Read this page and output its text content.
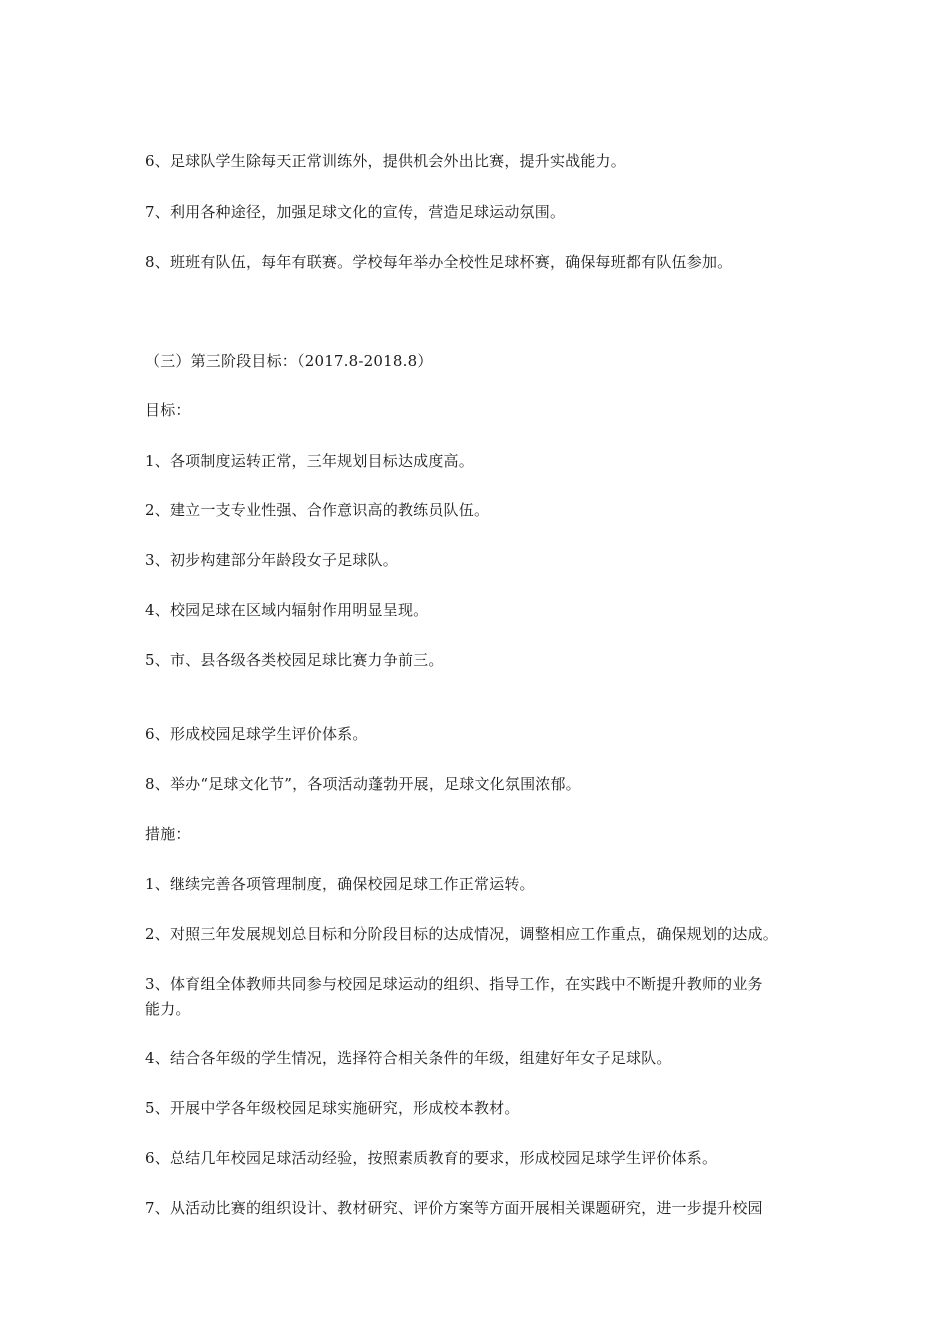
6、足球队学生除每天正常训练外，提供机会外出比赛，提升实战能力。
7、利用各种途径，加强足球文化的宣传，营造足球运动氛围。
8、班班有队伍，每年有联赛。学校每年举办全校性足球杯赛，确保每班都有队伍参加。
（三）第三阶段目标：（2017.8-2018.8）
目标：
1、各项制度运转正常，三年规划目标达成度高。
2、建立一支专业性强、合作意识高的教练员队伍。
3、初步构建部分年龄段女子足球队。
4、校园足球在区域内辐射作用明显呈现。
5、市、县各级各类校园足球比赛力争前三。
6、形成校园足球学生评价体系。
8、举办“足球文化节”，各项活动蓬勃开展，足球文化氛围浓郁。
措施：
1、继续完善各项管理制度，确保校园足球工作正常运转。
2、对照三年发展规划总目标和分阶段目标的达成情况，调整相应工作重点，确保规划的达成。
3、体育组全体教师共同参与校园足球运动的组织、指导工作，在实践中不断提升教师的业务
能力。
4、结合各年级的学生情况，选择符合相关条件的年级，组建好年女子足球队。
5、开展中学各年级校园足球实施研究，形成校本教材。
6、总结几年校园足球活动经验，按照素质教育的要求，形成校园足球学生评价体系。
7、从活动比赛的组织设计、教材研究、评价方案等方面开展相关课题研究，进一步提升校园
